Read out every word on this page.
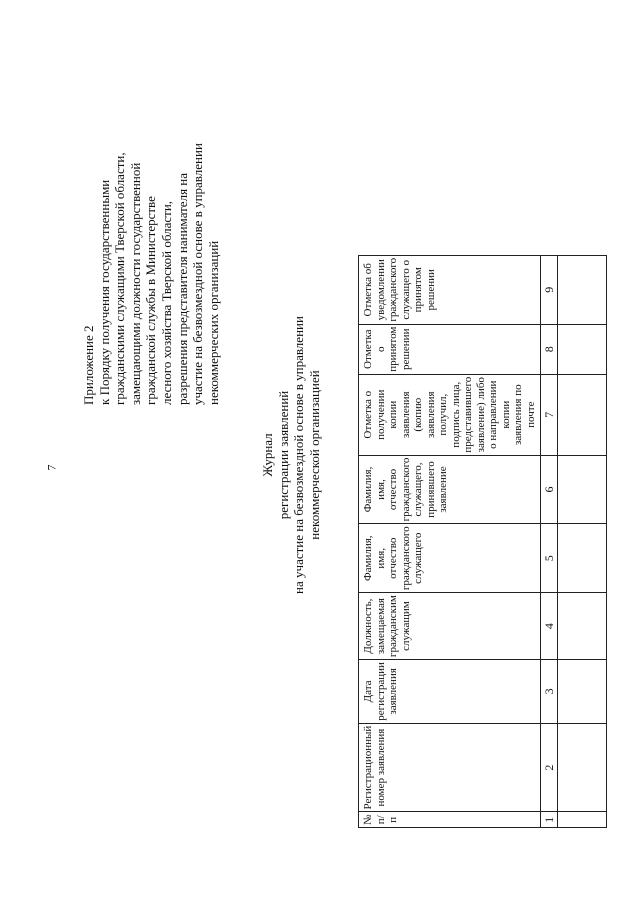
7
Приложение 2 к Порядку получения государственными гражданскими служащими Тверской области, замещающими должности государственной гражданской службы в Министерстве лесного хозяйства Тверской области, разрешения представителя нанимателя на участие на безвозмездной основе в управлении некоммерческих организаций
Журнал регистрации заявлений на участие на безвозмездной основе в управлении некоммерческой организацией
№ п/п	Регистрационный номер заявления	Дата регистрации заявления	Должность, замещаемая гражданским служащим	Фамилия, имя, отчество гражданского служащего	Фамилия, имя, отчество гражданского служащего, принявшего заявление	Отметка о получении копии заявления (копию заявления получил, подпись лица, представившего заявление) либо о направлении копии заявления по почте	Отметка о принятом решении	Отметка об уведомлении гражданского служащего о принятом решении
1	2	3	4	5	6	7	8	9
